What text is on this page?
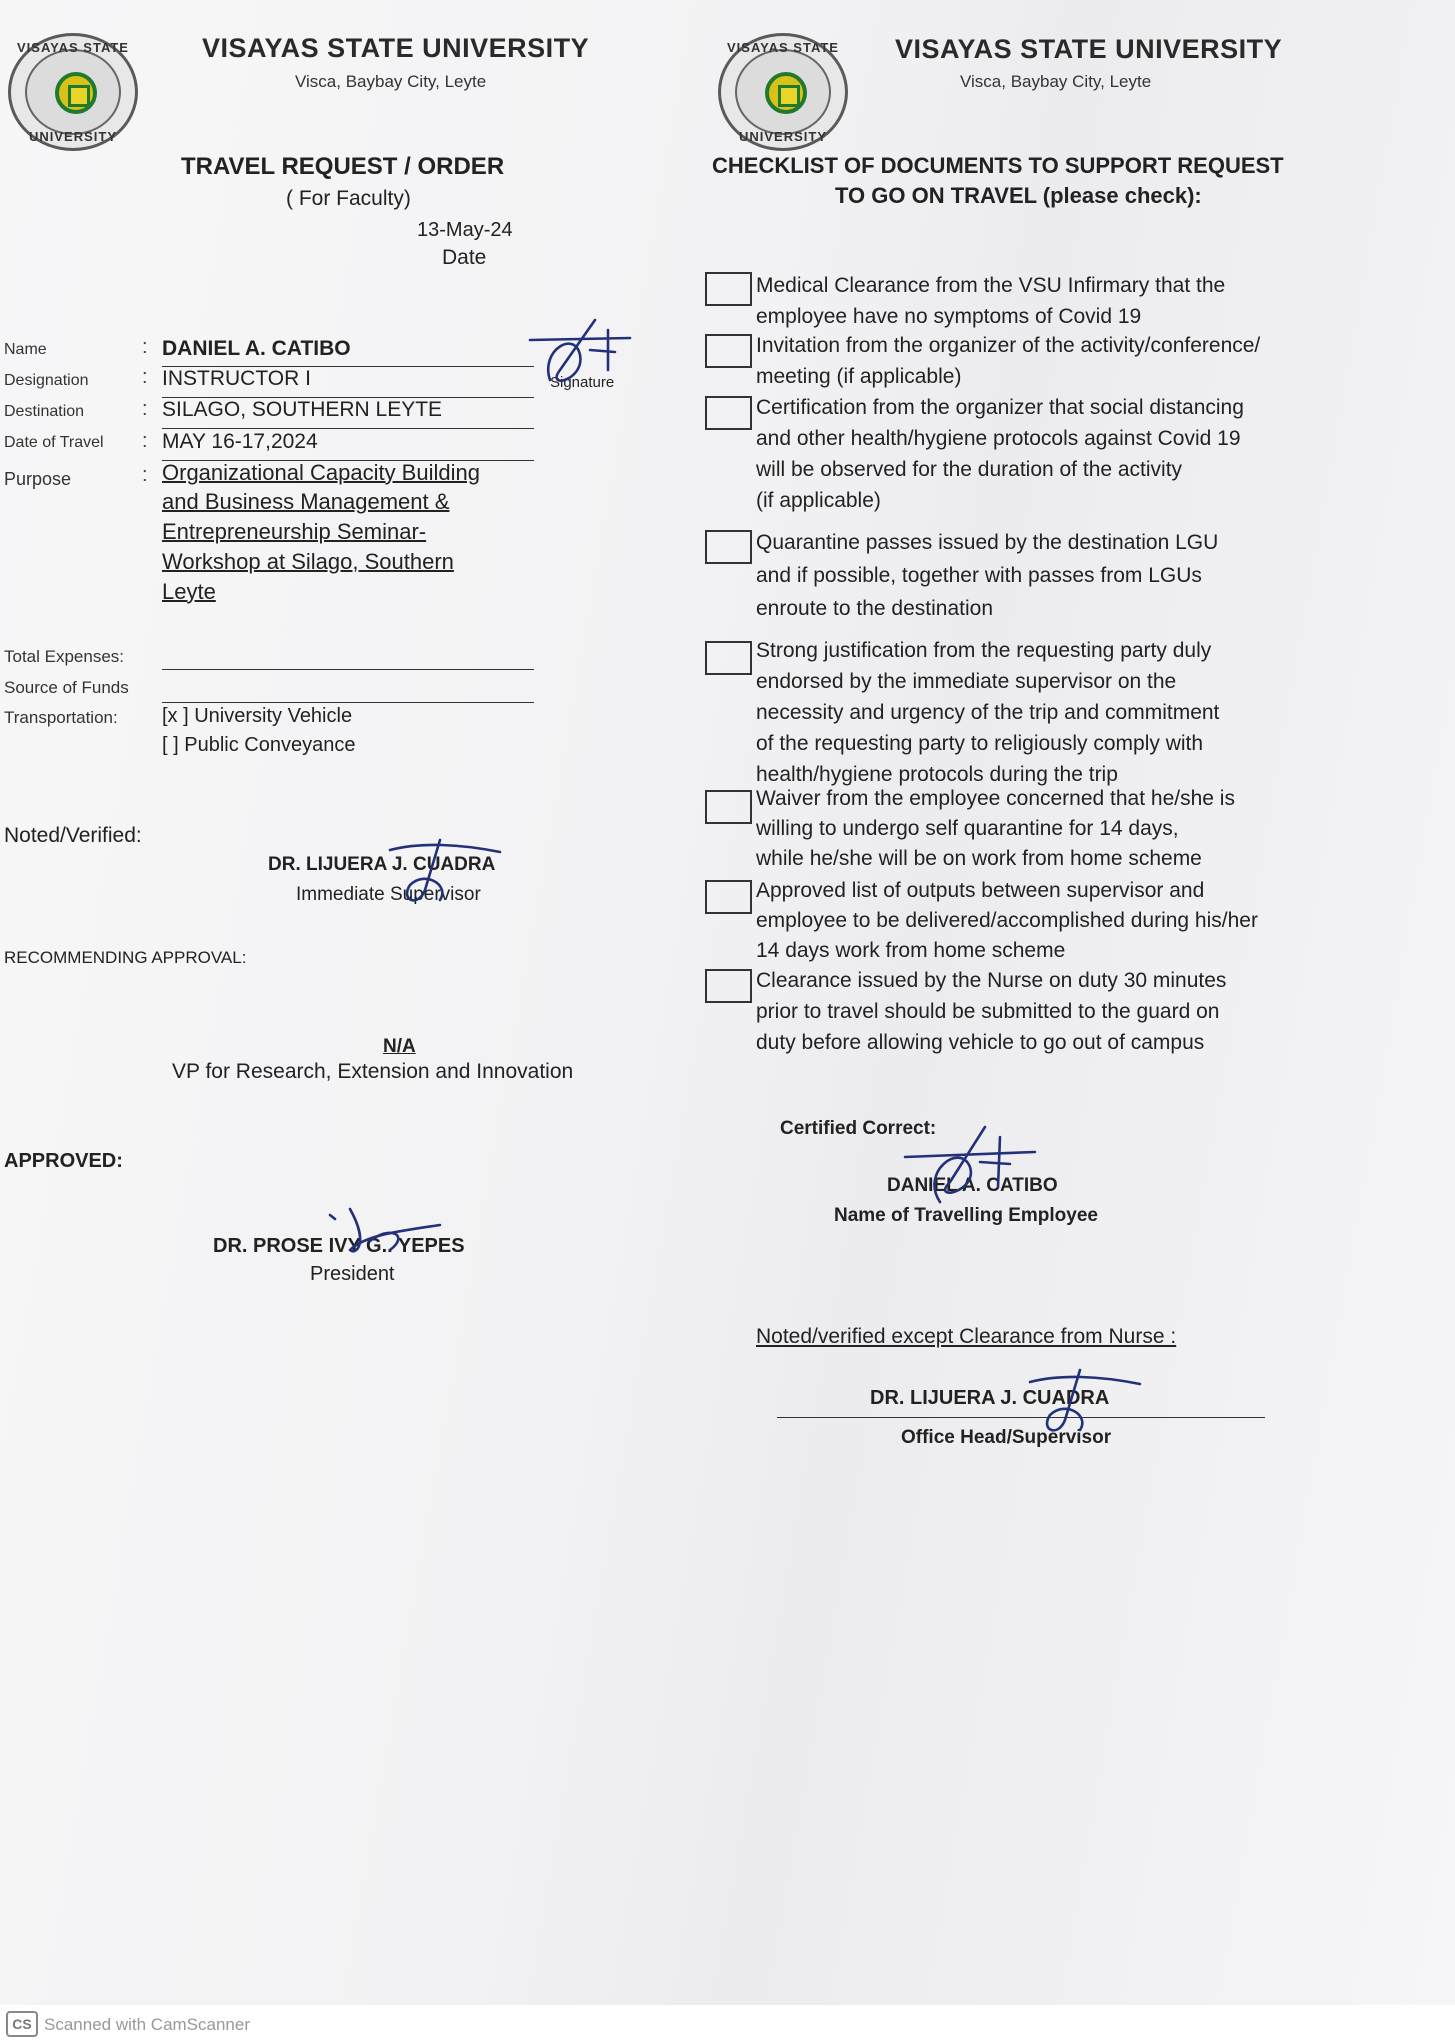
VISAYAS STATE
UNIVERSITY
VISAYAS STATE
UNIVERSITY
VISAYAS STATE UNIVERSITY
Visca, Baybay City, Leyte
VISAYAS STATE UNIVERSITY
Visca, Baybay City, Leyte
TRAVEL REQUEST / ORDER
( For Faculty)
13-May-24
Date
Name	: DANIEL A. CATIBO
Designation	: INSTRUCTOR I
Destination	: SILAGO, SOUTHERN LEYTE
Date of Travel : MAY 16-17,2024
Purpose	:
Signature
Organizational Capacity Building
and Business Management &
Entrepreneurship Seminar-
Workshop at Silago, Southern
Leyte
Total Expenses:
Source of Funds
Transportation: [x ] University Vehicle
[ ] Public Conveyance
Noted/Verified:
DR. LIJUERA J. CUADRA
Immediate Supervisor
RECOMMENDING APPROVAL:
N/A
VP for Research, Extension and Innovation
APPROVED:
DR. PROSE IVY G.. YEPES
President
CHECKLIST OF DOCUMENTS TO SUPPORT REQUEST
TO GO ON TRAVEL (please check):
Medical Clearance from the VSU Infirmary that the
employee have no symptoms of Covid 19
Invitation from the organizer of the activity/conference/
meeting (if applicable)
Certification from the organizer that social distancing
and other health/hygiene protocols against Covid 19
will be observed for the duration of the activity
(if applicable)
Quarantine passes issued by the destination LGU
and if possible, together with passes from LGUs
enroute to the destination
Strong justification from the requesting party duly
endorsed by the immediate supervisor on the
necessity and urgency of the trip and commitment
of the requesting party to religiously comply with
health/hygiene protocols during the trip
Waiver from the employee concerned that he/she is
willing to undergo self quarantine for 14 days,
while he/she will be on work from home scheme
Approved list of outputs between supervisor and
employee to be delivered/accomplished during his/her
14 days work from home scheme
Clearance issued by the Nurse on duty 30 minutes
prior to travel should be submitted to the guard on
duty before allowing vehicle to go out of campus
Certified Correct:
DANIEL A. CATIBO
Name of Travelling Employee
Noted/verified except Clearance from Nurse :
DR. LIJUERA J. CUADRA
Office Head/Supervisor
CS Scanned with CamScanner
